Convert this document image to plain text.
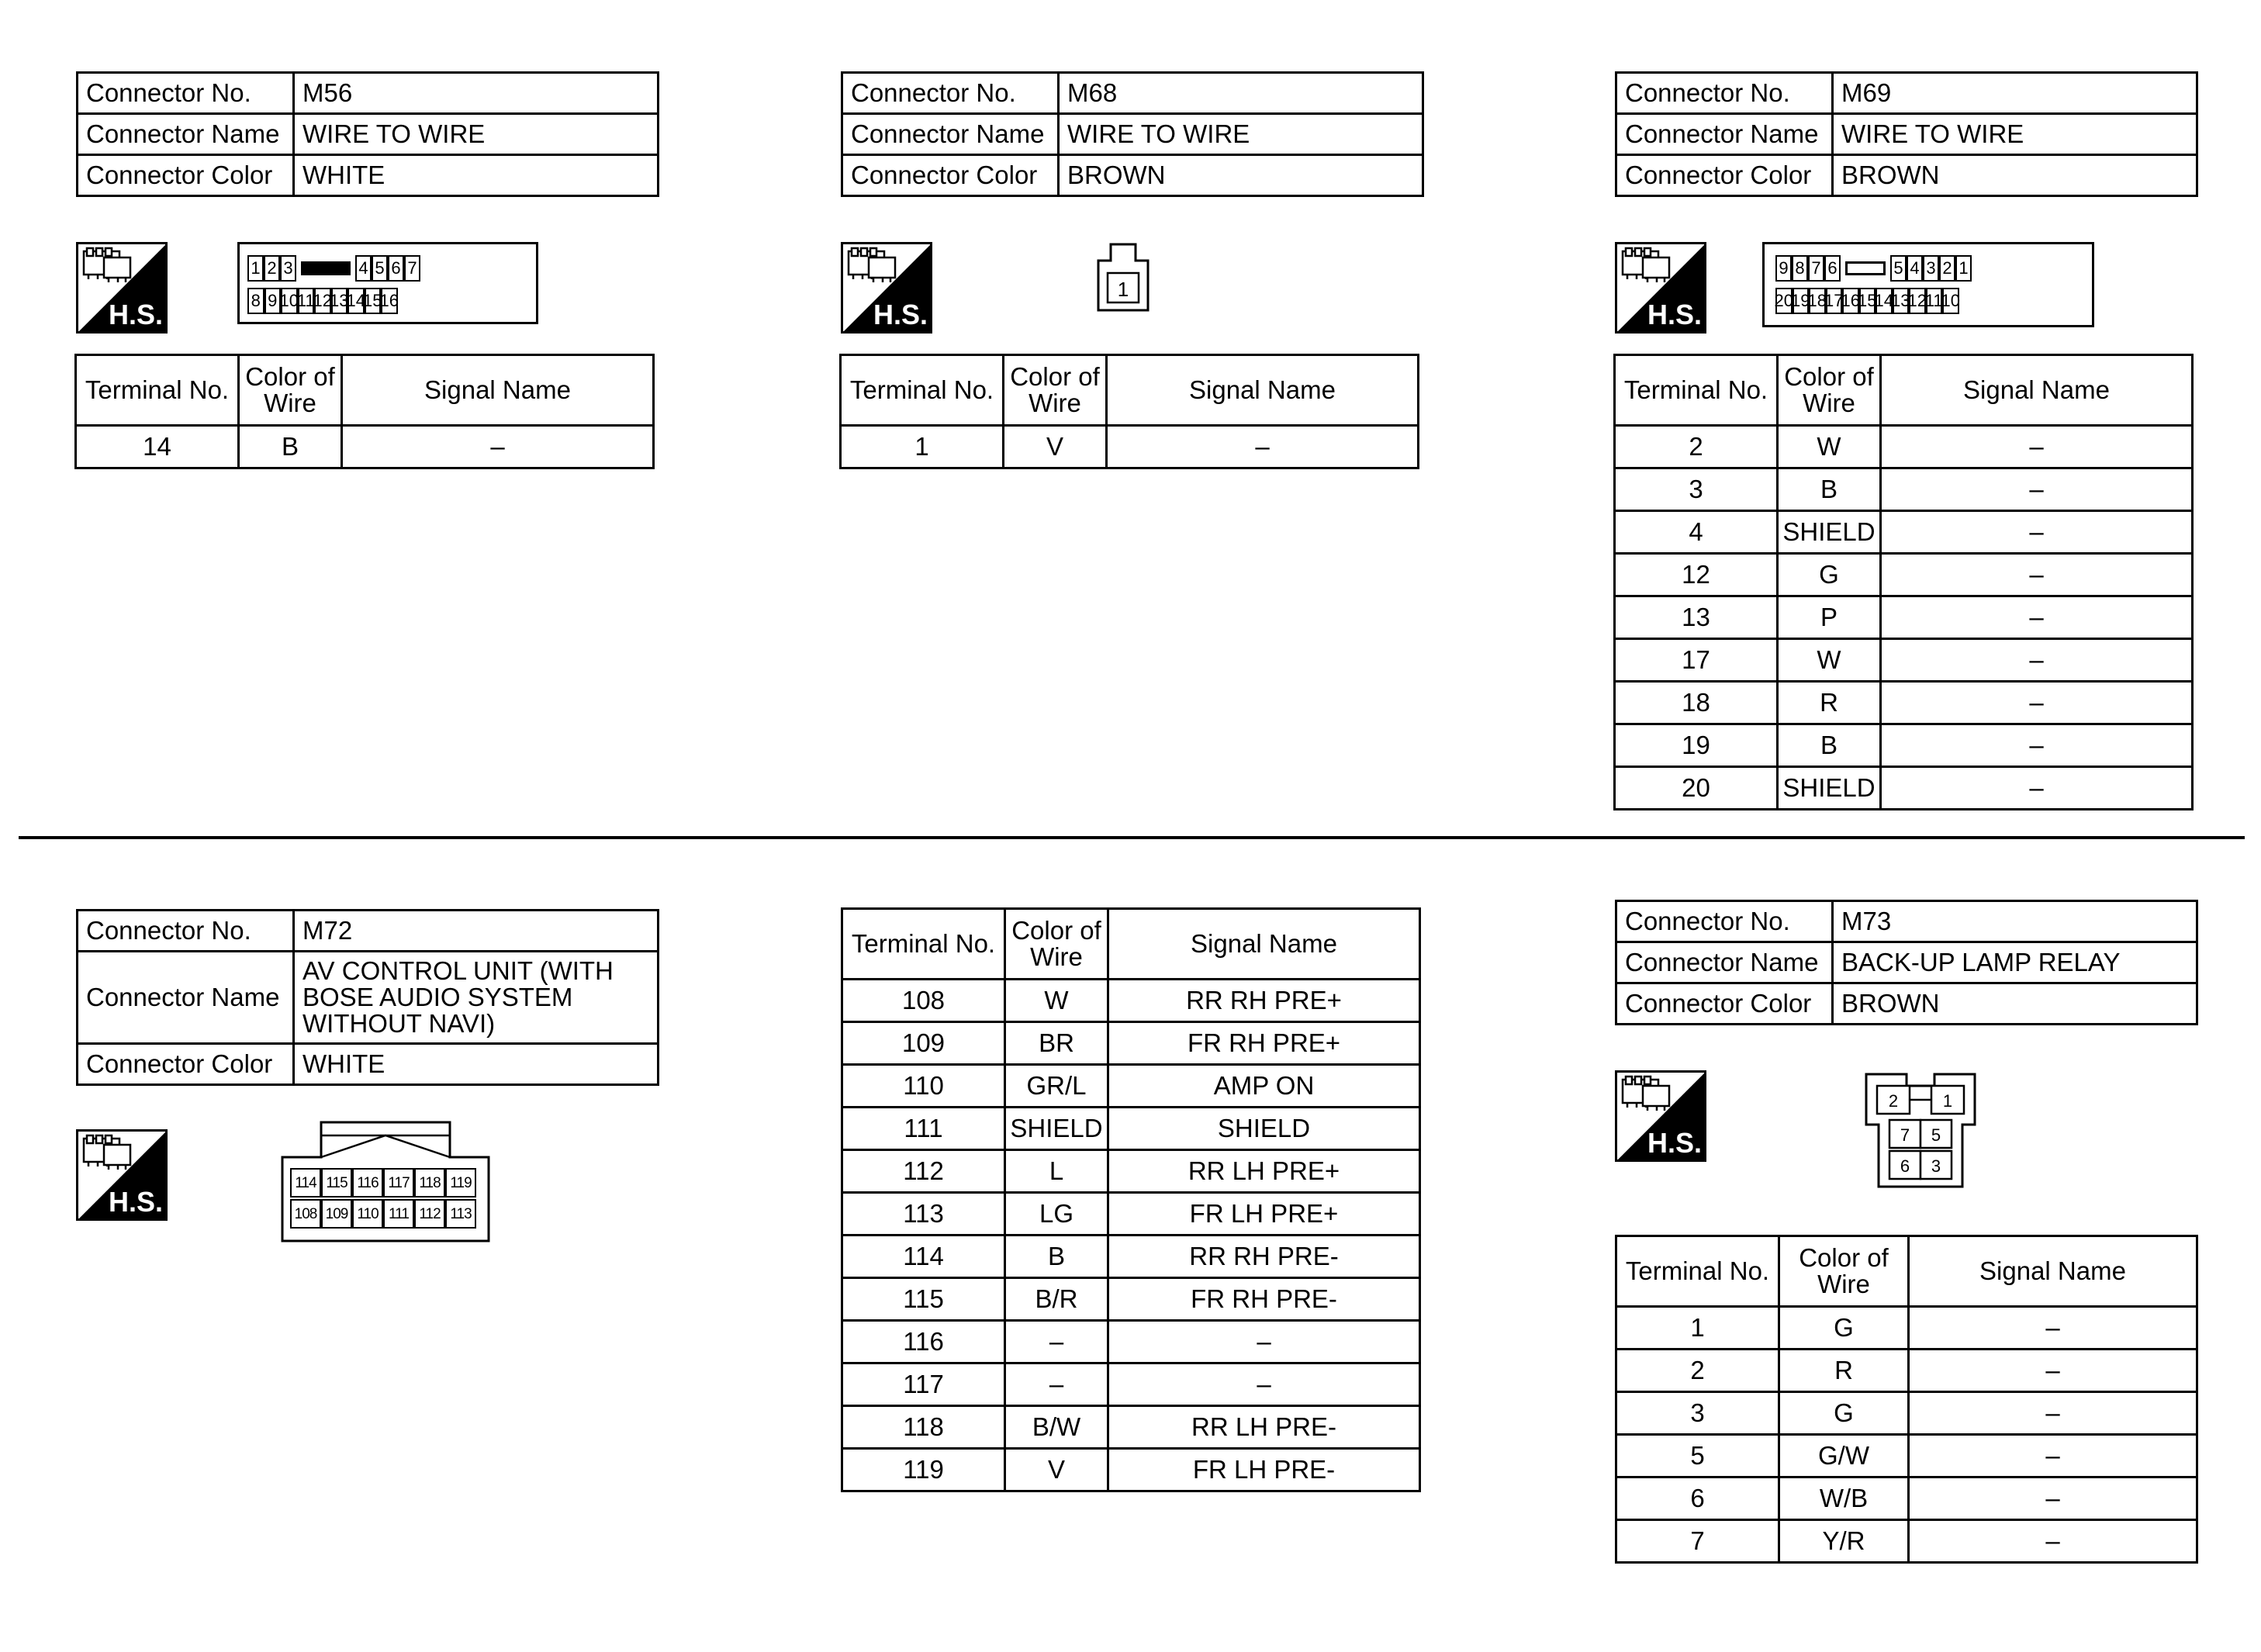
Connector No.	M56
Connector Name	WIRE TO WIRE
Connector Color	WHITE
H.S.
1 2 3	4 5 6 7
8 9 10
11
12
13
14
15
16
Terminal No.	Color of Wire	Signal Name
14	B	–
Connector No.	M68
Connector Name	WIRE TO WIRE
Connector Color	BROWN
H.S.
1
Terminal No.	Color of Wire	Signal Name
1	V	–
Connector No.	M69
Connector Name	WIRE TO WIRE
Connector Color	BROWN
H.S.
9 8 7 6	5 4 3 2 1
20
19
18
17
16
15
14
13
12
11
10
Terminal No.	Color of Wire	Signal Name
2	W	–
3	B	–
4	SHIELD	–
12	G	–
13	P	–
17	W	–
18	R	–
19	B	–
20	SHIELD	–
Connector No.	M72
Connector Name	AV CONTROL UNIT (WITH
BOSE AUDIO SYSTEM
WITHOUT NAVI)

Connector Color	WHITE
H.S.
114 115 116 117 118 119
108 109 110 111 112 113
Terminal No.	Color of Wire	Signal Name
108	W	RR RH PRE+
109	BR	FR RH PRE+
110	GR/L	AMP ON
111	SHIELD	SHIELD
112	L	RR LH PRE+
113	LG	FR LH PRE+
114	B	RR RH PRE-
115	B/R	FR RH PRE-
116	–	–
117	–	–
118	B/W	RR LH PRE-
119	V	FR LH PRE-
Connector No.	M73
Connector Name	BACK-UP LAMP RELAY
Connector Color	BROWN
H.S.
2	1
7 5
6 3
Terminal No.	Color of Wire	Signal Name
1	G	–
2	R	–
3	G	–
5	G/W	–
6	W/B	–
7	Y/R	–
